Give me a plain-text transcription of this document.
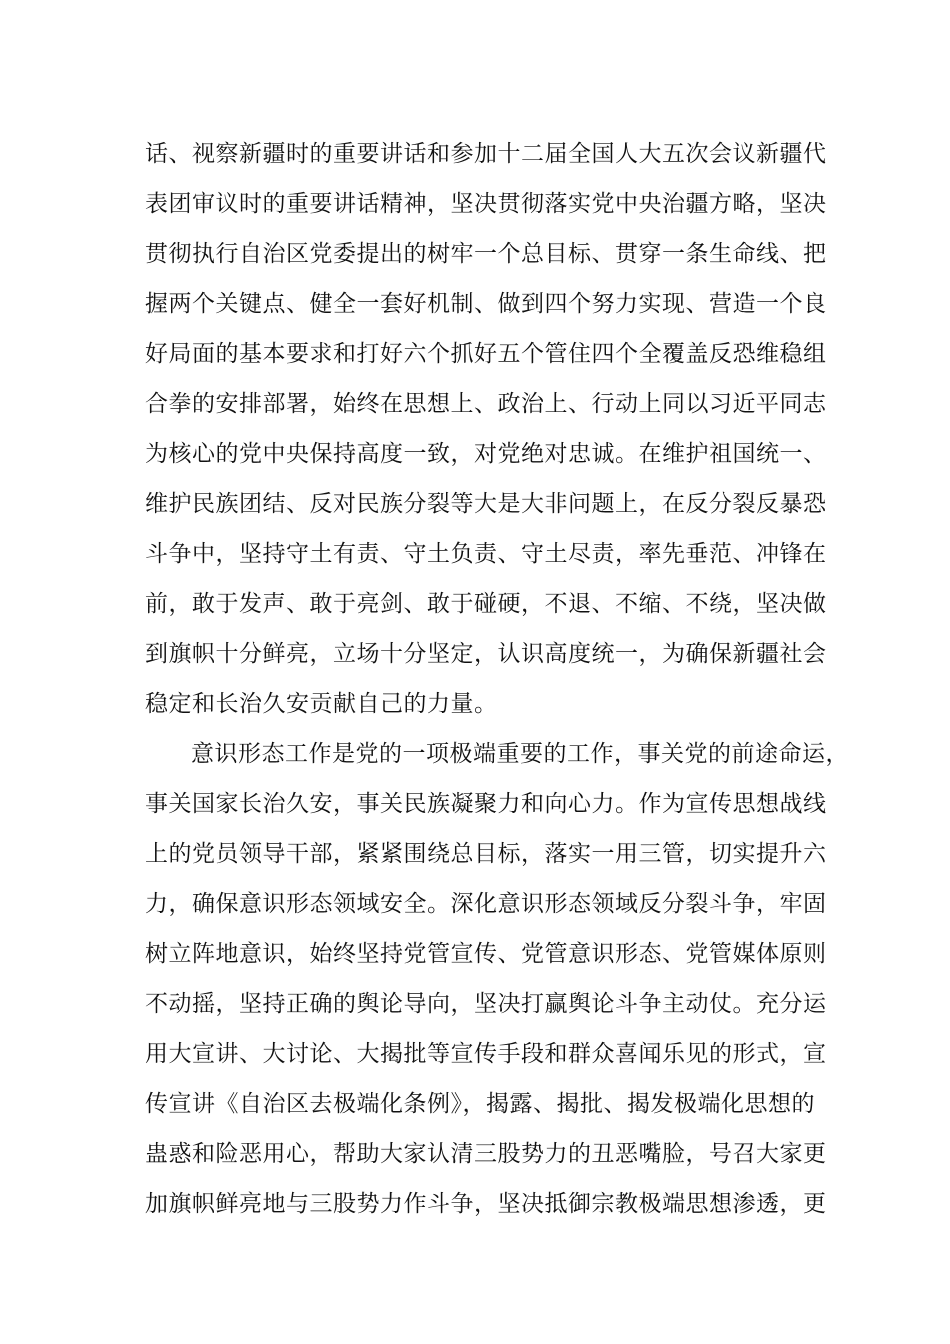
话、视察新疆时的重要讲话和参加十二届全国人大五次会议新疆代
表团审议时的重要讲话精神，坚决贯彻落实党中央治疆方略，坚决
贯彻执行自治区党委提出的树牢一个总目标、贯穿一条生命线、把
握两个关键点、健全一套好机制、做到四个努力实现、营造一个良
好局面的基本要求和打好六个抓好五个管住四个全覆盖反恐维稳组
合拳的安排部署，始终在思想上、政治上、行动上同以习近平同志
为核心的党中央保持高度一致，对党绝对忠诚。在维护祖国统一、
维护民族团结、反对民族分裂等大是大非问题上，在反分裂反暴恐
斗争中，坚持守土有责、守土负责、守土尽责，率先垂范、冲锋在
前，敢于发声、敢于亮剑、敢于碰硬，不退、不缩、不绕，坚决做
到旗帜十分鲜亮，立场十分坚定，认识高度统一，为确保新疆社会
稳定和长治久安贡献自己的力量。
意识形态工作是党的一项极端重要的工作，事关党的前途命运，
事关国家长治久安，事关民族凝聚力和向心力。作为宣传思想战线
上的党员领导干部，紧紧围绕总目标，落实一用三管，切实提升六
力，确保意识形态领域安全。深化意识形态领域反分裂斗争，牢固
树立阵地意识，始终坚持党管宣传、党管意识形态、党管媒体原则
不动摇，坚持正确的舆论导向，坚决打赢舆论斗争主动仗。充分运
用大宣讲、大讨论、大揭批等宣传手段和群众喜闻乐见的形式，宣
传宣讲《自治区去极端化条例》，揭露、揭批、揭发极端化思想的
蛊惑和险恶用心，帮助大家认清三股势力的丑恶嘴脸，号召大家更
加旗帜鲜亮地与三股势力作斗争，坚决抵御宗教极端思想渗透，更
